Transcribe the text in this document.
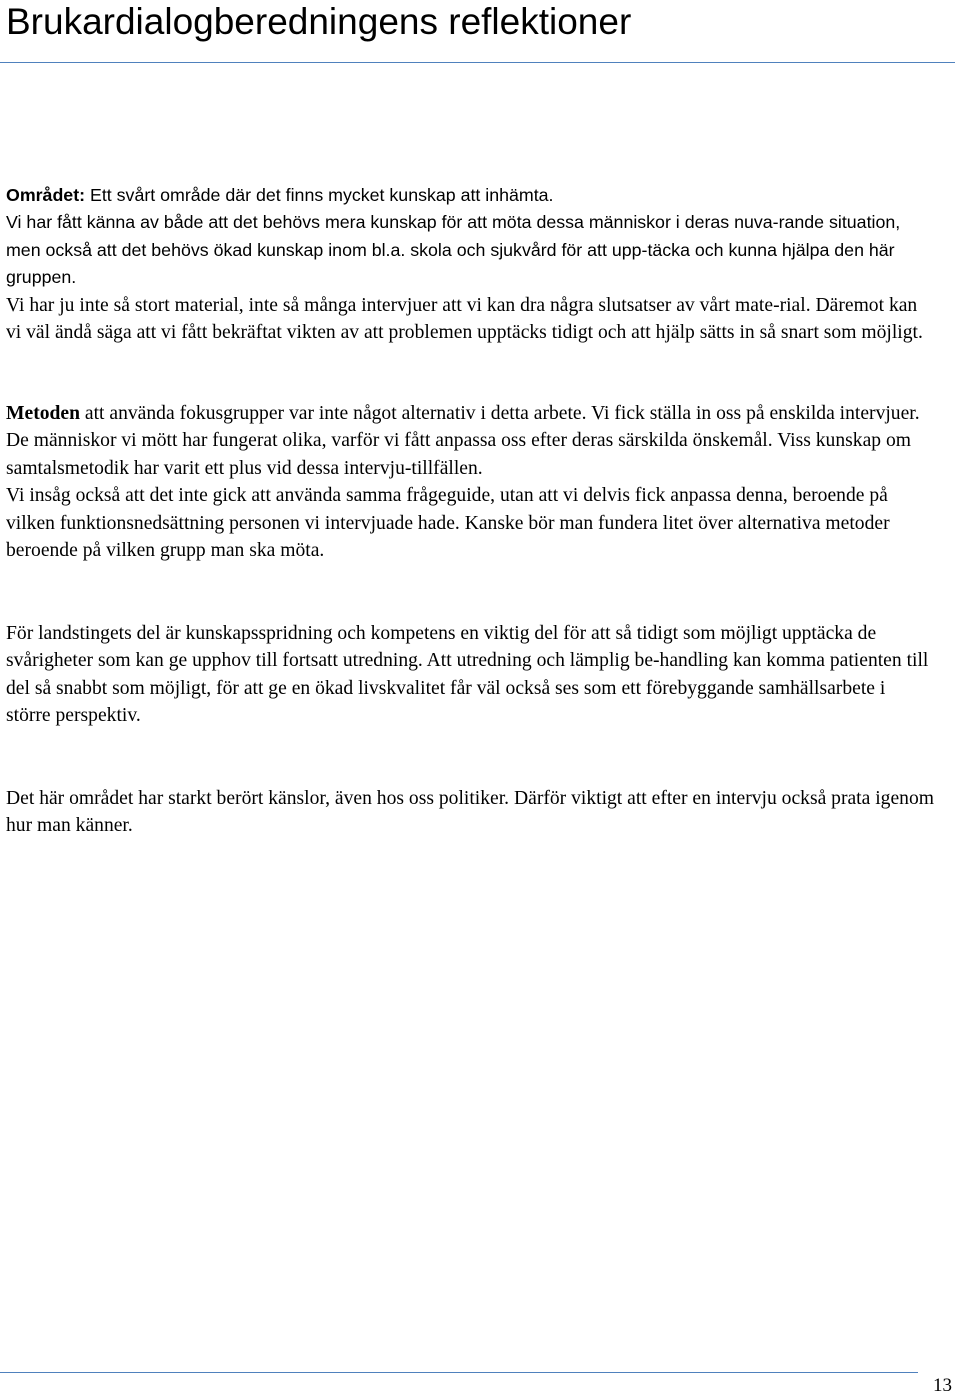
Brukardialogberedningens reflektioner

Området: Ett svårt område där det finns mycket kunskap att inhämta.

Vi har fått känna av både att det behövs mera kunskap för att möta dessa människor i deras nuva-rande situation, men också att det behövs ökad kunskap inom bl.a. skola och sjukvård för att upp-täcka och kunna hjälpa den här gruppen.

Vi har ju inte så stort material, inte så många intervjuer att vi kan dra några slutsatser av vårt mate-rial. Däremot kan vi väl ändå säga att vi fått bekräftat vikten av att problemen upptäcks tidigt och att hjälp sätts in så snart som möjligt.

Metoden att använda fokusgrupper var inte något alternativ i detta arbete. Vi fick ställa in oss på enskilda intervjuer. De människor vi mött har fungerat olika, varför vi fått anpassa oss efter deras särskilda önskemål. Viss kunskap om samtalsmetodik har varit ett plus vid dessa intervju-tillfällen.

Vi insåg också att det inte gick att använda samma frågeguide, utan att vi delvis fick anpassa denna, beroende på vilken funktionsnedsättning personen vi intervjuade hade. Kanske bör man fundera litet över alternativa metoder beroende på vilken grupp man ska möta.

För landstingets del är kunskapsspridning och kompetens en viktig del för att så tidigt som möjligt upptäcka de svårigheter som kan ge upphov till fortsatt utredning. Att utredning och lämplig be-handling kan komma patienten till del så snabbt som möjligt, för att ge en ökad livskvalitet får väl också ses som ett förebyggande samhällsarbete i större perspektiv.

Det här området har starkt berört känslor, även hos oss politiker. Därför viktigt att efter en intervju också prata igenom hur man känner.

13
